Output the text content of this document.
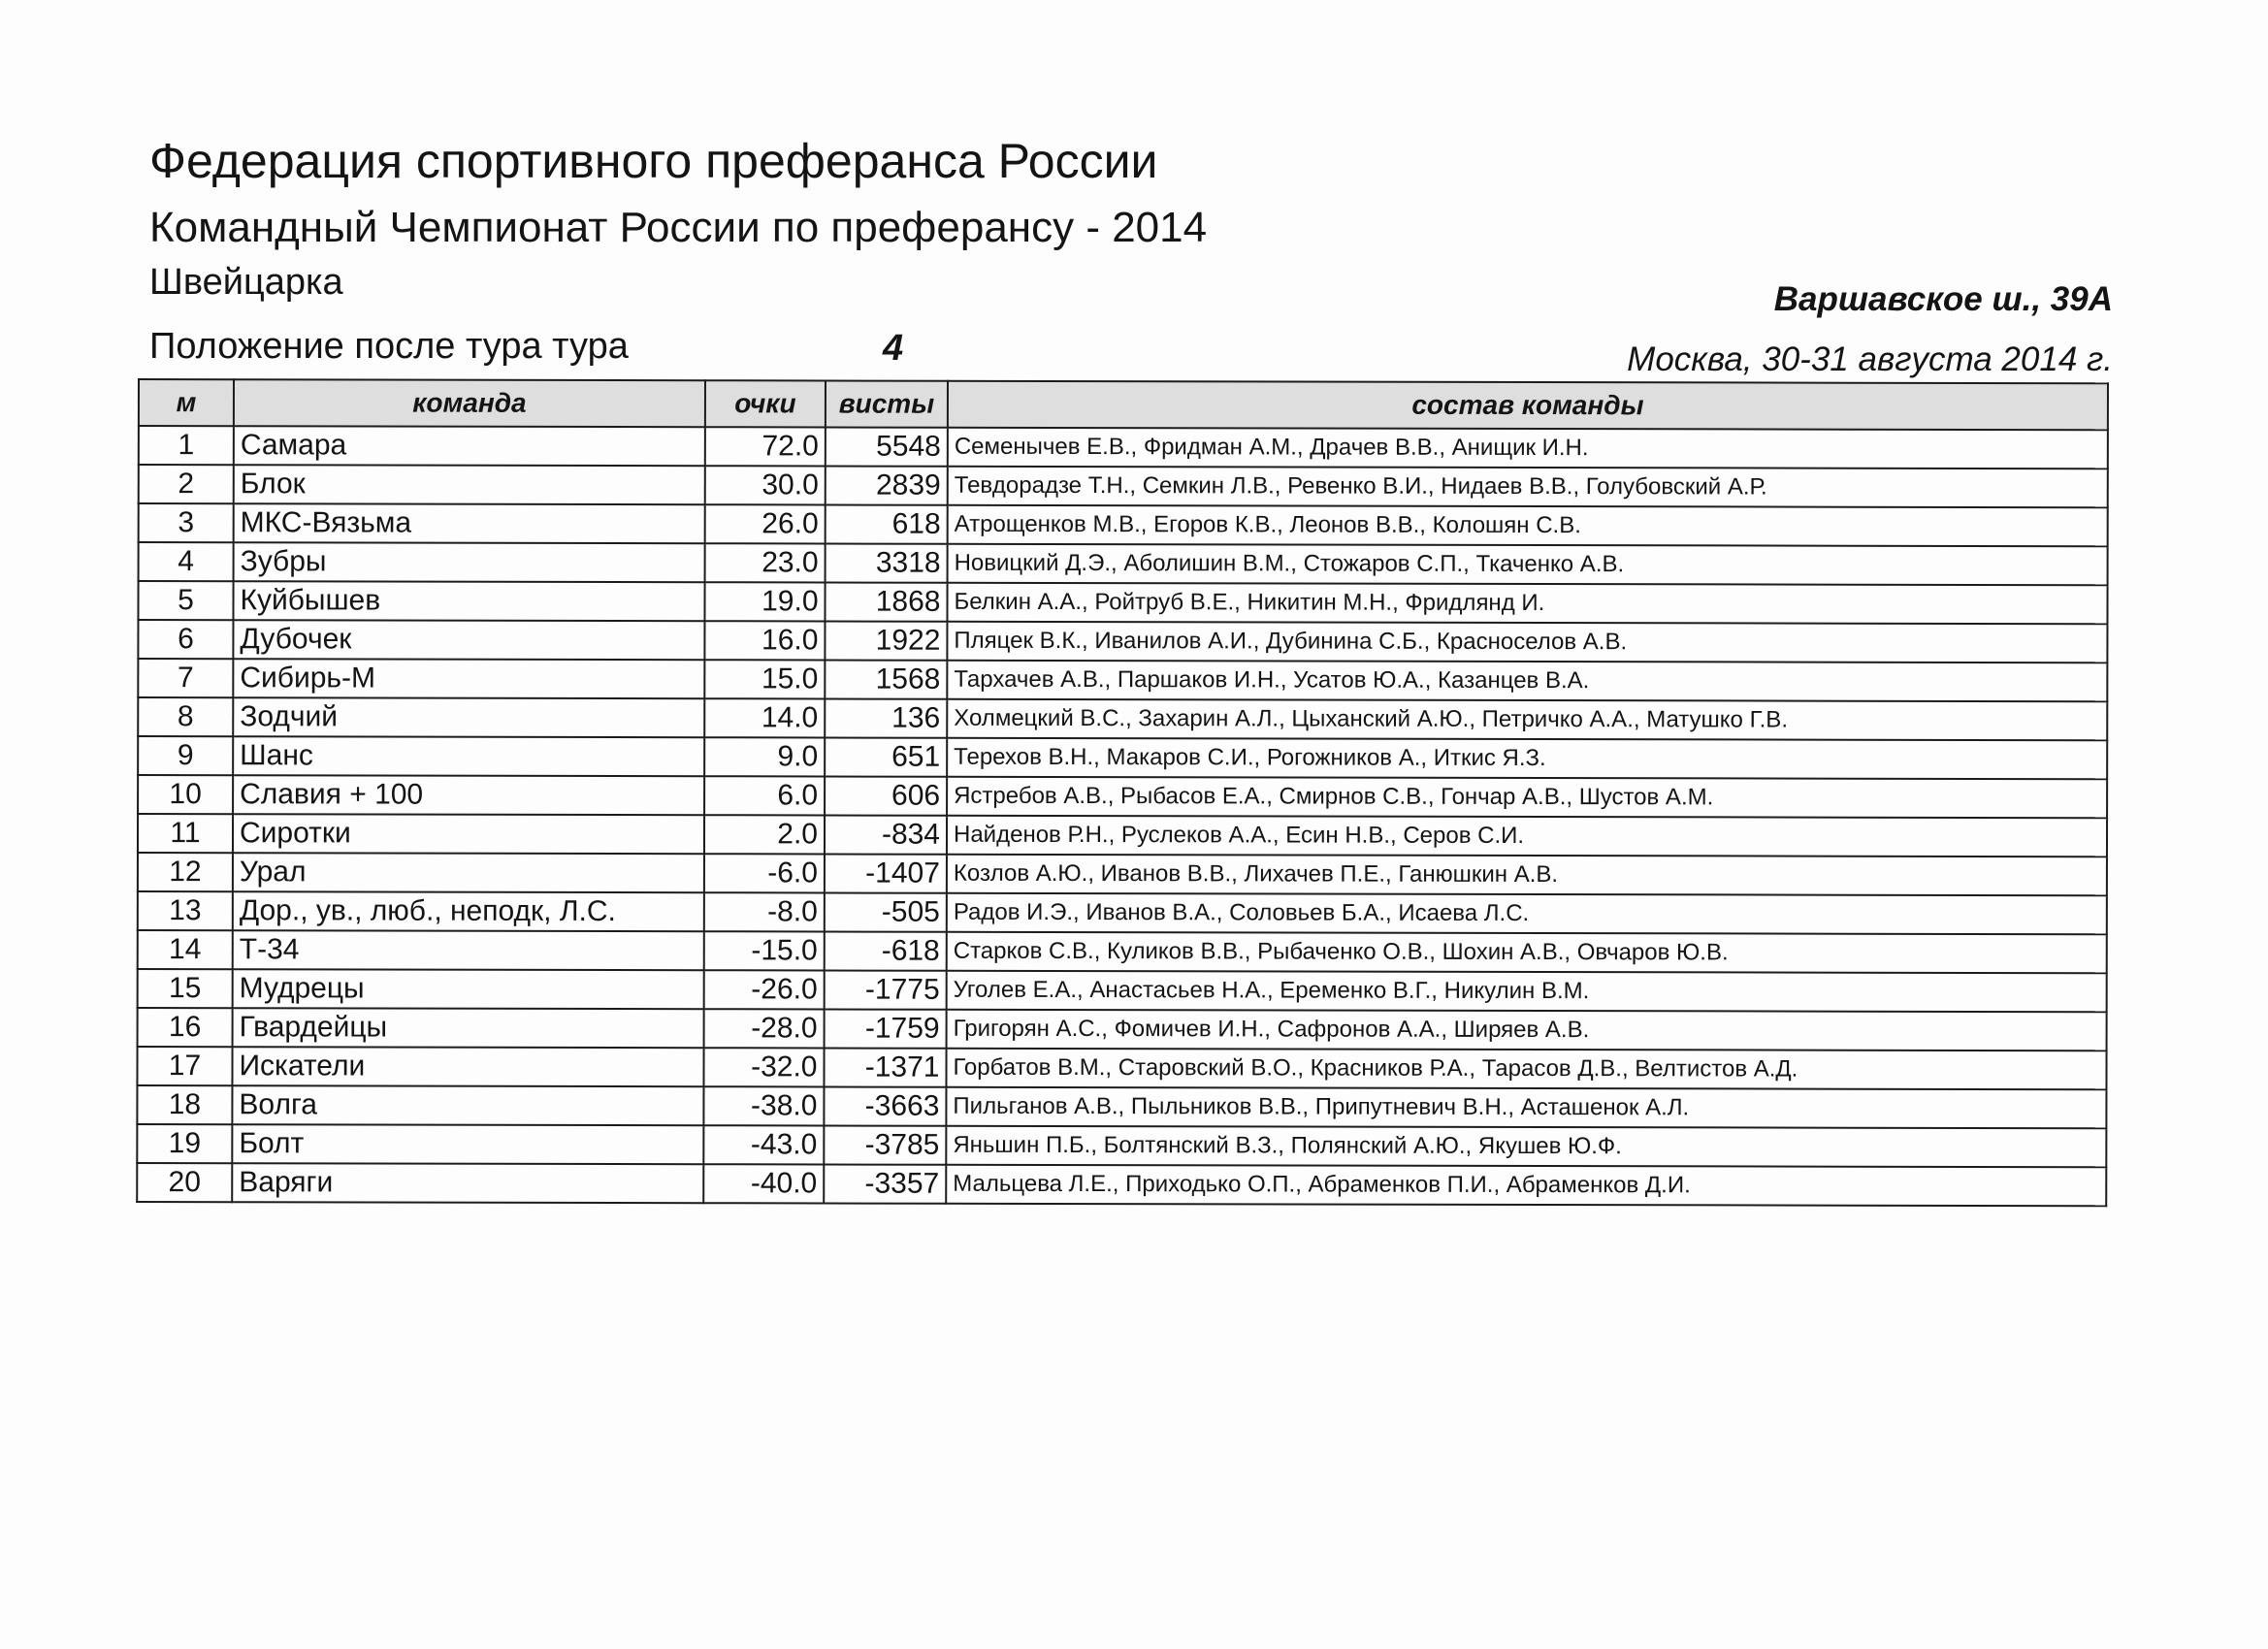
Федерация спортивного преферанса России
Командный Чемпионат России по преферансу - 2014
Швейцарка
Положение после тура тура	4
Варшавское ш., 39А
Москва, 30-31 августа 2014 г.
м	команда	очки	висты	состав команды
1	Самара	72.0	5548	Семенычев Е.В., Фридман А.М., Драчев В.В., Анищик И.Н.
2	Блок	30.0	2839	Тевдорадзе Т.Н., Семкин Л.В., Ревенко В.И., Нидаев В.В., Голубовский А.Р.
3	МКС-Вязьма	26.0	618	Атрощенков М.В., Егоров К.В., Леонов В.В., Колошян С.В.
4	Зубры	23.0	3318	Новицкий Д.Э., Аболишин В.М., Стожаров С.П., Ткаченко А.В.
5	Куйбышев	19.0	1868	Белкин А.А., Ройтруб В.Е., Никитин М.Н., Фридлянд И.
6	Дубочек	16.0	1922	Пляцек В.К., Иванилов А.И., Дубинина С.Б., Красноселов А.В.
7	Сибирь-М	15.0	1568	Тархачев А.В., Паршаков И.Н., Усатов Ю.А., Казанцев В.А.
8	Зодчий	14.0	136	Холмецкий В.С., Захарин А.Л., Цыханский А.Ю., Петричко А.А., Матушко Г.В.
9	Шанс	9.0	651	Терехов В.Н., Макаров С.И., Рогожников А., Иткис Я.З.
10	Славия + 100	6.0	606	Ястребов А.В., Рыбасов Е.А., Смирнов С.В., Гончар А.В., Шустов А.М.
11	Сиротки	2.0	-834	Найденов Р.Н., Руслеков А.А., Есин Н.В., Серов С.И.
12	Урал	-6.0	-1407	Козлов А.Ю., Иванов В.В., Лихачев П.Е., Ганюшкин А.В.
13	Дор., ув., люб., неподк, Л.С.	-8.0	-505	Радов И.Э., Иванов В.А., Соловьев Б.А., Исаева Л.С.
14	Т-34	-15.0	-618	Старков С.В., Куликов В.В., Рыбаченко О.В., Шохин А.В., Овчаров Ю.В.
15	Мудрецы	-26.0	-1775	Уголев Е.А., Анастасьев Н.А., Еременко В.Г., Никулин В.М.
16	Гвардейцы	-28.0	-1759	Григорян А.С., Фомичев И.Н., Сафронов А.А., Ширяев А.В.
17	Искатели	-32.0	-1371	Горбатов В.М., Старовский В.О., Красников Р.А., Тарасов Д.В., Велтистов А.Д.
18	Волга	-38.0	-3663	Пильганов А.В., Пыльников В.В., Припутневич В.Н., Асташенок А.Л.
19	Болт	-43.0	-3785	Яньшин П.Б., Болтянский В.З., Полянский А.Ю., Якушев Ю.Ф.
20	Варяги	-40.0	-3357	Мальцева Л.Е., Приходько О.П., Абраменков П.И., Абраменков Д.И.
